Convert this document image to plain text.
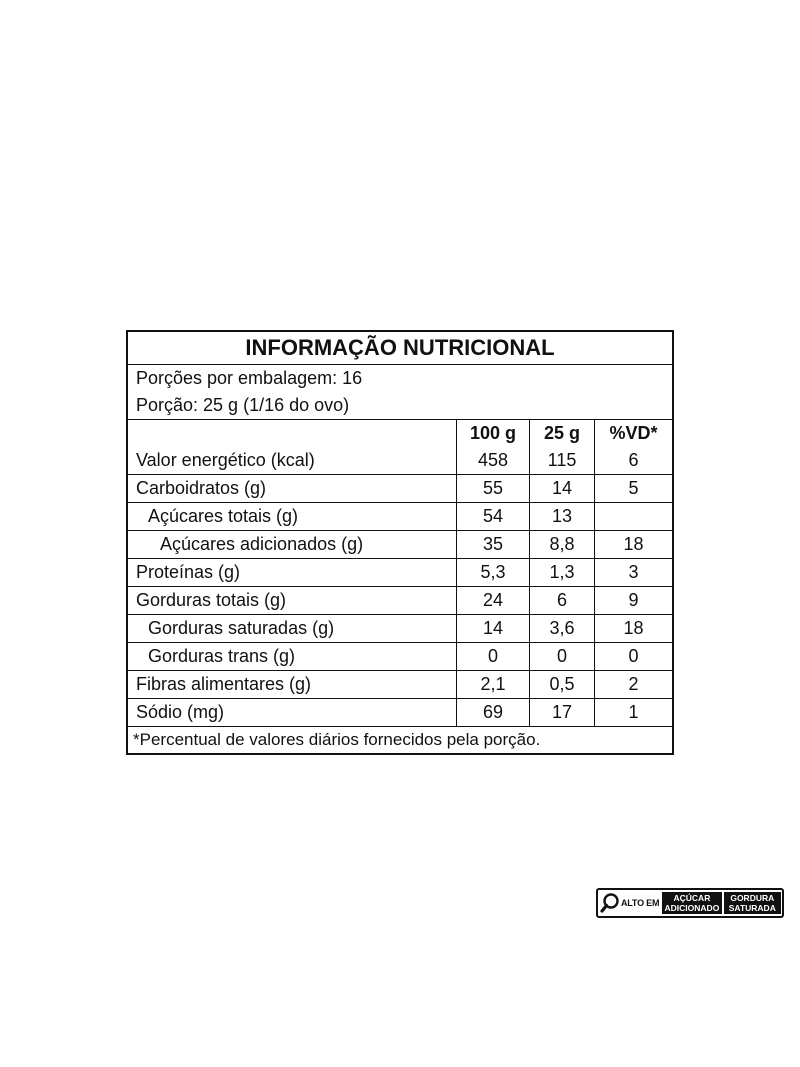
INFORMAÇÃO NUTRICIONAL
Porções por embalagem: 16
Porção: 25 g (1/16 do ovo)
100 g	25 g	%VD*
Valor energético (kcal)	458	115	6
Carboidratos (g)	55	14	5
Açúcares totais (g)	54	13
Açúcares adicionados (g)	35	8,8	18
Proteínas (g)	5,3	1,3	3
Gorduras totais (g)	24	6	9
Gorduras saturadas (g)	14	3,6	18
Gorduras trans (g)	0	0	0
Fibras alimentares (g)	2,1	0,5	2
Sódio (mg)	69	17	1
*Percentual de valores diários fornecidos pela porção.
ALTO EM	AÇÚCAR
ADICIONADO
GORDURA
SATURADA
